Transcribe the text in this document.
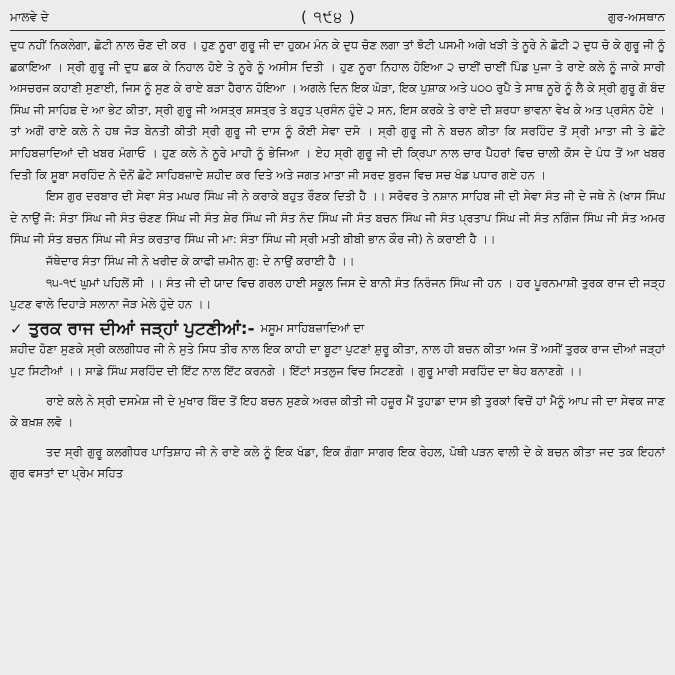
ਮਾਲਵੇ ਦੇ	( ੧੯੪ )	ਗੁਰ-ਅਸਥਾਨ

ਦੁਧ ਨਹੀਂ ਨਿਕਲੇਗਾ, ਛੋਟੀ ਨਾਲ ਚੋਣ ਦੀ ਕਰ । ਹੁਣ ਨੂਰਾ ਗੁਰੂ ਜੀ ਦਾ ਹੁਕਮ ਮੰਨ ਕੇ ਦੁਧ ਚੋਣ ਲਗਾ ਤਾਂ ਝੋਟੀ ਪਸਮੀ ਅਗੇ ਖੜੀ ਤੇ ਨੂਰੇ ਨੇ ਛੋਟੀ ੨ ਦੁਧ ਚੋ ਕੇ ਗੁਰੂ ਜੀ ਨੂੰ ਛਕਾਇਆ । ਸ੍ਰੀ ਗੁਰੂ ਜੀ ਦੁਧ ਛਕ ਕੇ ਨਿਹਾਲ ਹੋਏ ਤੇ ਨੂਰੇ ਨੂੰ ਅਸੀਸ ਦਿਤੀ । ਹੁਣ ਨੂਰਾ ਨਿਹਾਲ ਹੋਇਆ ੨ ਚਾਈਂ ਚਾਈਂ ਪਿੰਡ ਪੁਜਾ ਤੇ ਰਾਏ ਕਲੇ ਨੂੰ ਜਾਕੇ ਸਾਰੀ ਅਸਚਰਜ ਕਹਾਣੀ ਸੁਣਾਈ, ਜਿਸ ਨੂੰ ਸੁਣ ਕੇ ਰਾਏ ਬੜਾ ਹੈਰਾਨ ਹੋਇਆ । ਅਗਲੇ ਦਿਨ ਇਕ ਘੋੜਾ, ਇਕ ਪੁਸ਼ਾਕ ਅਤੇ ੫੦੦ ਰੁਪੈ ਤੇ ਸਾਥ ਨੂਰੇ ਨੂੰ ਲੈ ਕੇ ਸ੍ਰੀ ਗੁਰੂ ਗੋ ਬੰਦ ਸਿੰਘ ਜੀ ਸਾਹਿਬ ਦੇ ਆ ਭੇਟ ਕੀਤਾ, ਸ੍ਰੀ ਗੁਰੂ ਜੀ ਅਸਤ੍ਰ ਸ਼ਸਤ੍ਰ ਤੇ ਬਹੁਤ ਪ੍ਰਸੰਨ ਹੁੰਦੇ ੨ ਸਨ, ਇਸ ਕਰਕੇ ਤੇ ਰਾਏ ਦੀ ਸ਼ਰਧਾ ਭਾਵਨਾ ਵੇਖ ਕੇ ਅਤ ਪ੍ਰਸੰਨ ਹੋਏ । ਤਾਂ ਅਗੋਂ ਰਾਏ ਕਲੇ ਨੇ ਹਥ ਜੋੜ ਬੇਨਤੀ ਕੀਤੀ ਸ੍ਰੀ ਗੁਰੂ ਜੀ ਦਾਸ ਨੂੰ ਕੋਈ ਸੇਵਾ ਦਸੋ । ਸ੍ਰੀ ਗੁਰੂ ਜੀ ਨੇ ਬਚਨ ਕੀਤਾ ਕਿ ਸਰਹਿੰਦ ਤੋਂ ਸ੍ਰੀ ਮਾਤਾ ਜੀ ਤੇ ਛੋਟੇ ਸਾਹਿਬਜ਼ਾਦਿਆਂ ਦੀ ਖਬਰ ਮੰਗਾਓ । ਹੁਣ ਕਲੇ ਨੇ ਨੂਰੇ ਮਾਹੀ ਨੂੰ ਭੇਜਿਆ । ਏਹ ਸ੍ਰੀ ਗੁਰੂ ਜੀ ਦੀ ਕ੍ਰਿਪਾ ਨਾਲ ਚਾਰ ਪੈਹਰਾਂ ਵਿਚ ਚਾਲੀ ਕੋਸ ਦੇ ਪੰਧ ਤੋਂ ਆ ਖਬਰ ਦਿਤੀ ਕਿ ਸੂਬਾ ਸਰਹਿੰਦ ਨੇ ਦੋਨੋਂ ਛੋਟੇ ਸਾਹਿਬਜ਼ਾਦੇ ਸ਼ਹੀਦ ਕਰ ਦਿਤੇ ਅਤੇ ਜਗਤ ਮਾਤਾ ਜੀ ਸਰਦ ਬੁਰਜ ਵਿਚ ਸਚ ਖੰਡ ਪਧਾਰ ਗਏ ਹਨ ।

ਇਸ ਗੁਰ ਦਰਬਾਰ ਦੀ ਸੇਵਾ ਸੰਤ ਮਘਰ ਸਿੰਘ ਜੀ ਨੇ ਕਰਾਕੇ ਬਹੁਤ ਰੌਣਕ ਦਿਤੀ ਹੈ ।। ਸਰੋਵਰ ਤੇ ਨਸ਼ਾਨ ਸਾਹਿਬ ਜੀ ਦੀ ਸੇਵਾ ਸੰਤ ਜੀ ਦੇ ਜਥੇ ਨੇ (ਖਾਸ ਸਿੰਘ ਦੇ ਨਾਉਂ ਜੋ: ਸੰਤਾ ਸਿੰਘ ਜੀ ਸੰਤ ਚੰਣਣ ਸਿੰਘ ਜੀ ਸੰਤ ਸ਼ੇਰ ਸਿੰਘ ਜੀ ਸੰਤ ਨੰਦ ਸਿੰਘ ਜੀ ਸੰਤ ਬਚਨ ਸਿੰਘ ਜੀ ਸੰਤ ਪ੍ਰਤਾਪ ਸਿੰਘ ਜੀ ਸੰਤ ਨਗਿੰਜ ਸਿੰਘ ਜੀ ਸੰਤ ਅਮਰ ਸਿੰਘ ਜੀ ਸੰਤ ਬਚਨ ਸਿੰਘ ਜੀ ਸੰਤ ਕਰਤਾਰ ਸਿੰਘ ਜੀ ਮਾ: ਸੰਤਾ ਸਿੰਘ ਜੀ ਸ੍ਰੀ ਮਤੀ ਬੀਬੀ ਭਾਨ ਕੌਰ ਜੀ) ਨੇ ਕਰਾਈ ਹੈ ।।

ਜੱਥੇਦਾਰ ਸੰਤਾ ਸਿੰਘ ਜੀ ਨੇ ਖਰੀਦ ਕੇ ਕਾਫੀ ਜ਼ਮੀਨ ਗੁ: ਦੇ ਨਾਉਂ ਕਰਾਈ ਹੈ ।।

੧੫-੧੯ ਘੁਮਾਂ ਪਹਿਲੋਂ ਸੀ ।। ਸੰਤ ਜੀ ਦੀ ਯਾਦ ਵਿਚ ਗਰਲ ਹਾਈ ਸਕੂਲ ਜਿਸ ਦੇ ਬਾਨੀ ਸੰਤ ਨਿਰੰਜਨ ਸਿੰਘ ਜੀ ਹਨ । ਹਰ ਪੂਰਨਮਾਸ਼ੀ ਤੁਰਕ ਰਾਜ ਦੀ ਜੜ੍ਹ ਪੁਟਣ ਵਾਲੇ ਦਿਹਾੜੇ ਸਲਾਨਾ ਜੋੜ ਮੇਲੇ ਹੁੰਦੇ ਹਨ ।।

✓ ਤੁਰਕ ਰਾਜ ਦੀਆਂ ਜੜ੍ਹਾਂ ਪੁਟਣੀਆਂ:- ਮਸੂਮ ਸਾਹਿਬਜ਼ਾਦਿਆਂ ਦਾ

ਸ਼ਹੀਦ ਹੋਣਾ ਸੁਣਕੇ ਸ੍ਰੀ ਕਲਗੀਧਰ ਜੀ ਨੇ ਸੁਤੇ ਸਿਧ ਤੀਰ ਨਾਲ ਇਕ ਕਾਹੀ ਦਾ ਬੂਟਾ ਪੁਟਣਾਂ ਸ਼ੁਰੂ ਕੀਤਾ, ਨਾਲ ਹੀ ਬਚਨ ਕੀਤਾ ਅਜ ਤੋਂ ਅਸੀਂ ਤੁਰਕ ਰਾਜ ਦੀਆਂ ਜੜ੍ਹਾਂ ਪੁਟ ਸਿਟੀਆਂ ।। ਸਾਡੇ ਸਿੰਘ ਸਰਹਿੰਦ ਦੀ ਇੱਟ ਨਾਲ ਇੱਟ ਕਰਨਗੇ । ਇੱਟਾਂ ਸਤਲੁਜ ਵਿਚ ਸਿਟਣਗੇ । ਗੁਰੂ ਮਾਰੀ ਸਰਹਿੰਦ ਦਾ ਥੇਹ ਬਨਾਣਗੇ ।।

ਰਾਏ ਕਲੇ ਨੇ ਸ੍ਰੀ ਦਸਮੇਸ਼ ਜੀ ਦੇ ਮੁਖਾਰ ਬਿੰਦ ਤੋਂ ਇਹ ਬਚਨ ਸੁਣਕੇ ਅਰਜ਼ ਕੀਤੀ ਜੀ ਹਜ਼ੂਰ ਮੈਂ ਤੁਹਾਡਾ ਦਾਸ ਭੀ ਤੁਰਕਾਂ ਵਿਚੋਂ ਹਾਂ ਮੈਨੂੰ ਆਪ ਜੀ ਦਾ ਸੇਵਕ ਜਾਣ ਕੇ ਬਖ਼ਸ਼ ਲਵੋ ।

ਤਦ ਸ੍ਰੀ ਗੁਰੂ ਕਲਗੀਧਰ ਪਾਤਿਸ਼ਾਹ ਜੀ ਨੇ ਰਾਏ ਕਲੇ ਨੂੰ ਇਕ ਖੰਡਾ, ਇਕ ਗੰਗਾ ਸਾਗਰ ਇਕ ਰੇਹਲ, ਪੋਥੀ ਪੜਨ ਵਾਲੀ ਦੇ ਕੇ ਬਚਨ ਕੀਤਾ ਜਦ ਤਕ ਇਹਨਾਂ ਗੁਰ ਵਸਤਾਂ ਦਾ ਪ੍ਰੇਮ ਸਹਿਤ
